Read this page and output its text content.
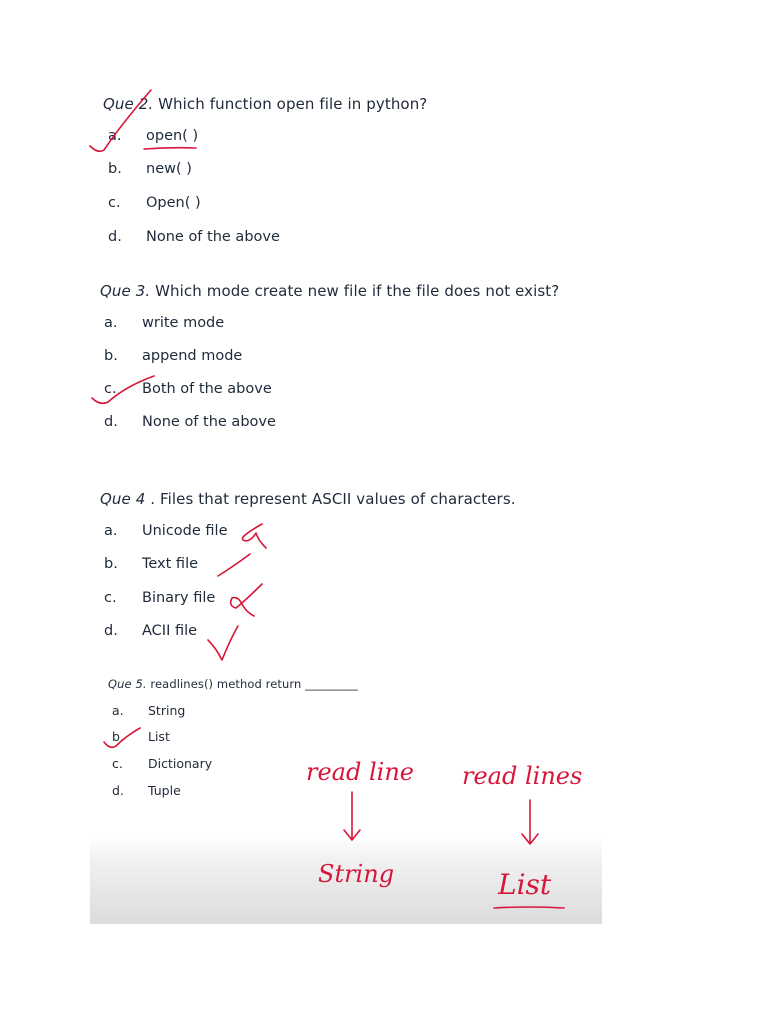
Que 2. Which function open file in python?
a. open( )
b. new( )
c. Open( )
d. None of the above
Que 3. Which mode create new file if the file does not exist?
a. write mode
b. append mode
c. Both of the above
d. None of the above
Que 4 . Files that represent ASCII values of characters.
a. Unicode file
b. Text file
c. Binary file
d. ACII file
Que 5. readlines() method return _________
a. String
b. List
c. Dictionary
d. Tuple
read line read lines
String	List
